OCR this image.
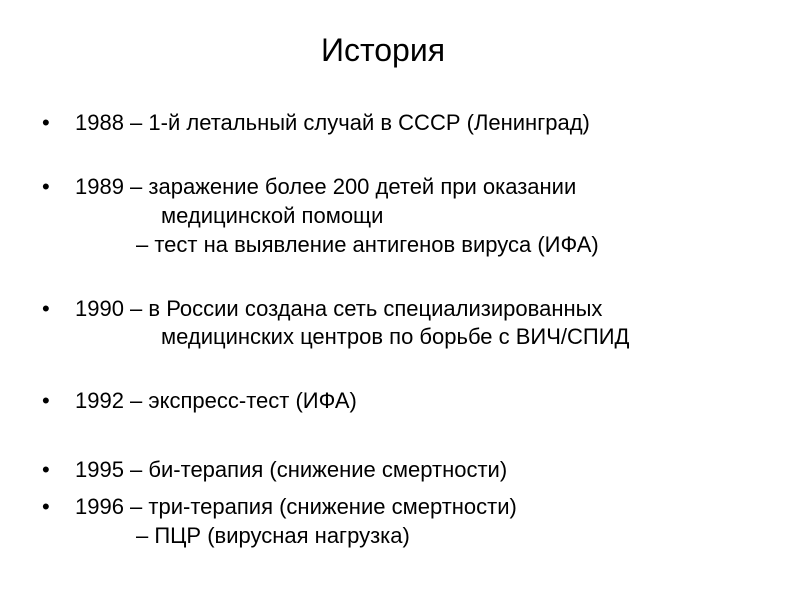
История
• 1988 – 1-й летальный случай в СССР (Ленинград)
• 1989 – заражение более 200 детей при оказании
медицинской помощи
– тест на выявление антигенов вируса (ИФА)
• 1990 – в России создана сеть специализированных
медицинских центров по борьбе с ВИЧ/СПИД
• 1992 – экспресс-тест (ИФА)
• 1995 – би-терапия (снижение смертности)
• 1996 – три-терапия (снижение смертности)
– ПЦР (вирусная нагрузка)
